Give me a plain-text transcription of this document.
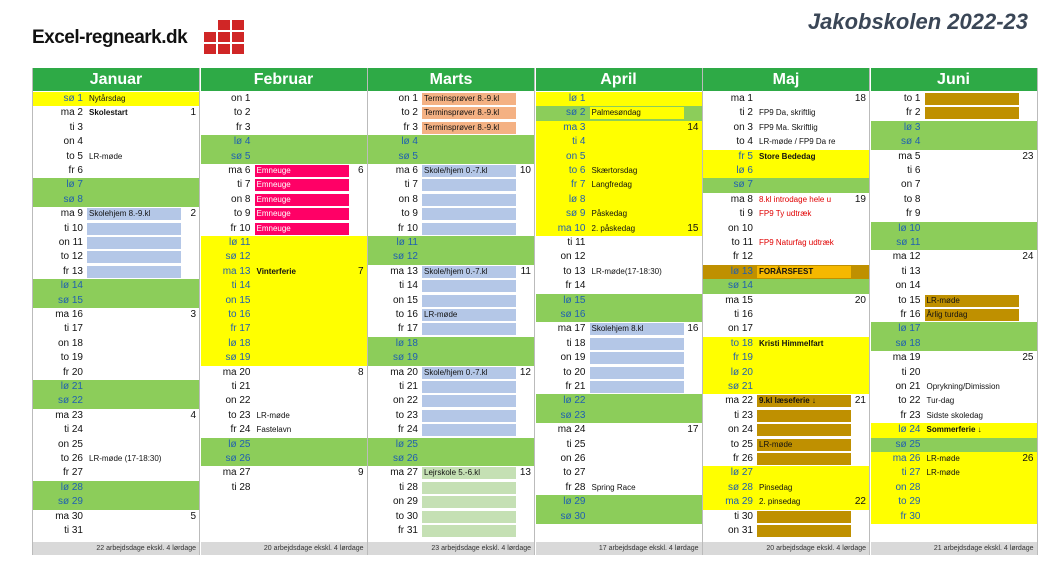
Excel-regneark.dk
Jakobskolen 2022-23
Januar
sø 1 Nytårsdag
ma 2 Skolestart	1
ti 3
on 4
to 5 LR-møde
fr 6
lø 7
sø 8
ma 9 Skolehjem 8.-9.kl	2
ti 10
on 11
to 12
fr 13
lø 14
sø 15
ma 16	3
ti 17
on 18
to 19
fr 20
lø 21
sø 22
ma 23	4
ti 24
on 25
to 26 LR-møde (17-18:30)
fr 27
lø 28
sø 29
ma 30	5
ti 31
22 arbejdsdage ekskl. 4 lørdage
Februar
on 1
to 2
fr 3
lø 4
sø 5
ma 6 Emneuge	6
ti 7 Emneuge
on 8 Emneuge
to 9 Emneuge
fr 10 Emneuge
lø 11
sø 12
ma 13 Vinterferie	7
ti 14
on 15
to 16
fr 17
lø 18
sø 19
ma 20	8
ti 21
on 22
to 23 LR-møde
fr 24 Fastelavn
lø 25
sø 26
ma 27	9
ti 28
20 arbejdsdage ekskl. 4 lørdage
Marts
on 1 Terminsprøver 8.-9.kl
to 2 Terminsprøver 8.-9.kl
fr 3 Terminsprøver 8.-9.kl
lø 4
sø 5
ma 6 Skole/hjem 0.-7.kl	10
ti 7
on 8
to 9
fr 10
lø 11
sø 12
ma 13 Skole/hjem 0.-7.kl	11
ti 14
on 15
to 16 LR-møde
fr 17
lø 18
sø 19
ma 20 Skole/hjem 0.-7.kl	12
ti 21
on 22
to 23
fr 24
lø 25
sø 26
ma 27 Lejrskole 5.-6.kl	13
ti 28
on 29
to 30
fr 31
23 arbejdsdage ekskl. 4 lørdage
April
lø 1
sø 2 Palmesøndag
ma 3	14
ti 4
on 5
to 6 Skærtorsdag
fr 7 Langfredag
lø 8
sø 9 Påskedag
ma 10 2. påskedag	15
ti 11
on 12
to 13 LR-møde(17-18:30)
fr 14
lø 15
sø 16
ma 17 Skolehjem 8.kl	16
ti 18
on 19
to 20
fr 21
lø 22
sø 23
ma 24	17
ti 25
on 26
to 27
fr 28 Spring Race
lø 29
sø 30
17 arbejdsdage ekskl. 4 lørdage
Maj
ma 1	18
ti 2 FP9 Da, skriftlig
on 3 FP9 Ma. Skriftlig
to 4 LR-møde / FP9 Da re
fr 5 Store Bededag
lø 6
sø 7
ma 8 8.kl introdage hele u	19
ti 9 FP9 Ty udtræk
on 10
to 11 FP9 Naturfag udtræk
fr 12
lø 13 FORÅRSFEST
sø 14
ma 15	20
ti 16
on 17
to 18 Kristi Himmelfart
fr 19
lø 20
sø 21
ma 22 9.kl læseferie ↓	21
ti 23
on 24
to 25 LR-møde
fr 26
lø 27
sø 28 Pinsedag
ma 29 2. pinsedag	22
ti 30
on 31
20 arbejdsdage ekskl. 4 lørdage
Juni
to 1
fr 2
lø 3
sø 4
ma 5	23
ti 6
on 7
to 8
fr 9
lø 10
sø 11
ma 12	24
ti 13
on 14
to 15 LR-møde
fr 16 Årlig turdag
lø 17
sø 18
ma 19	25
ti 20
on 21 Oprykning/Dimission
to 22 Tur-dag
fr 23 Sidste skoledag
lø 24 Sommerferie ↓
sø 25
ma 26 LR-møde	26
ti 27 LR-møde
on 28
to 29
fr 30
21 arbejdsdage ekskl. 4 lørdage
